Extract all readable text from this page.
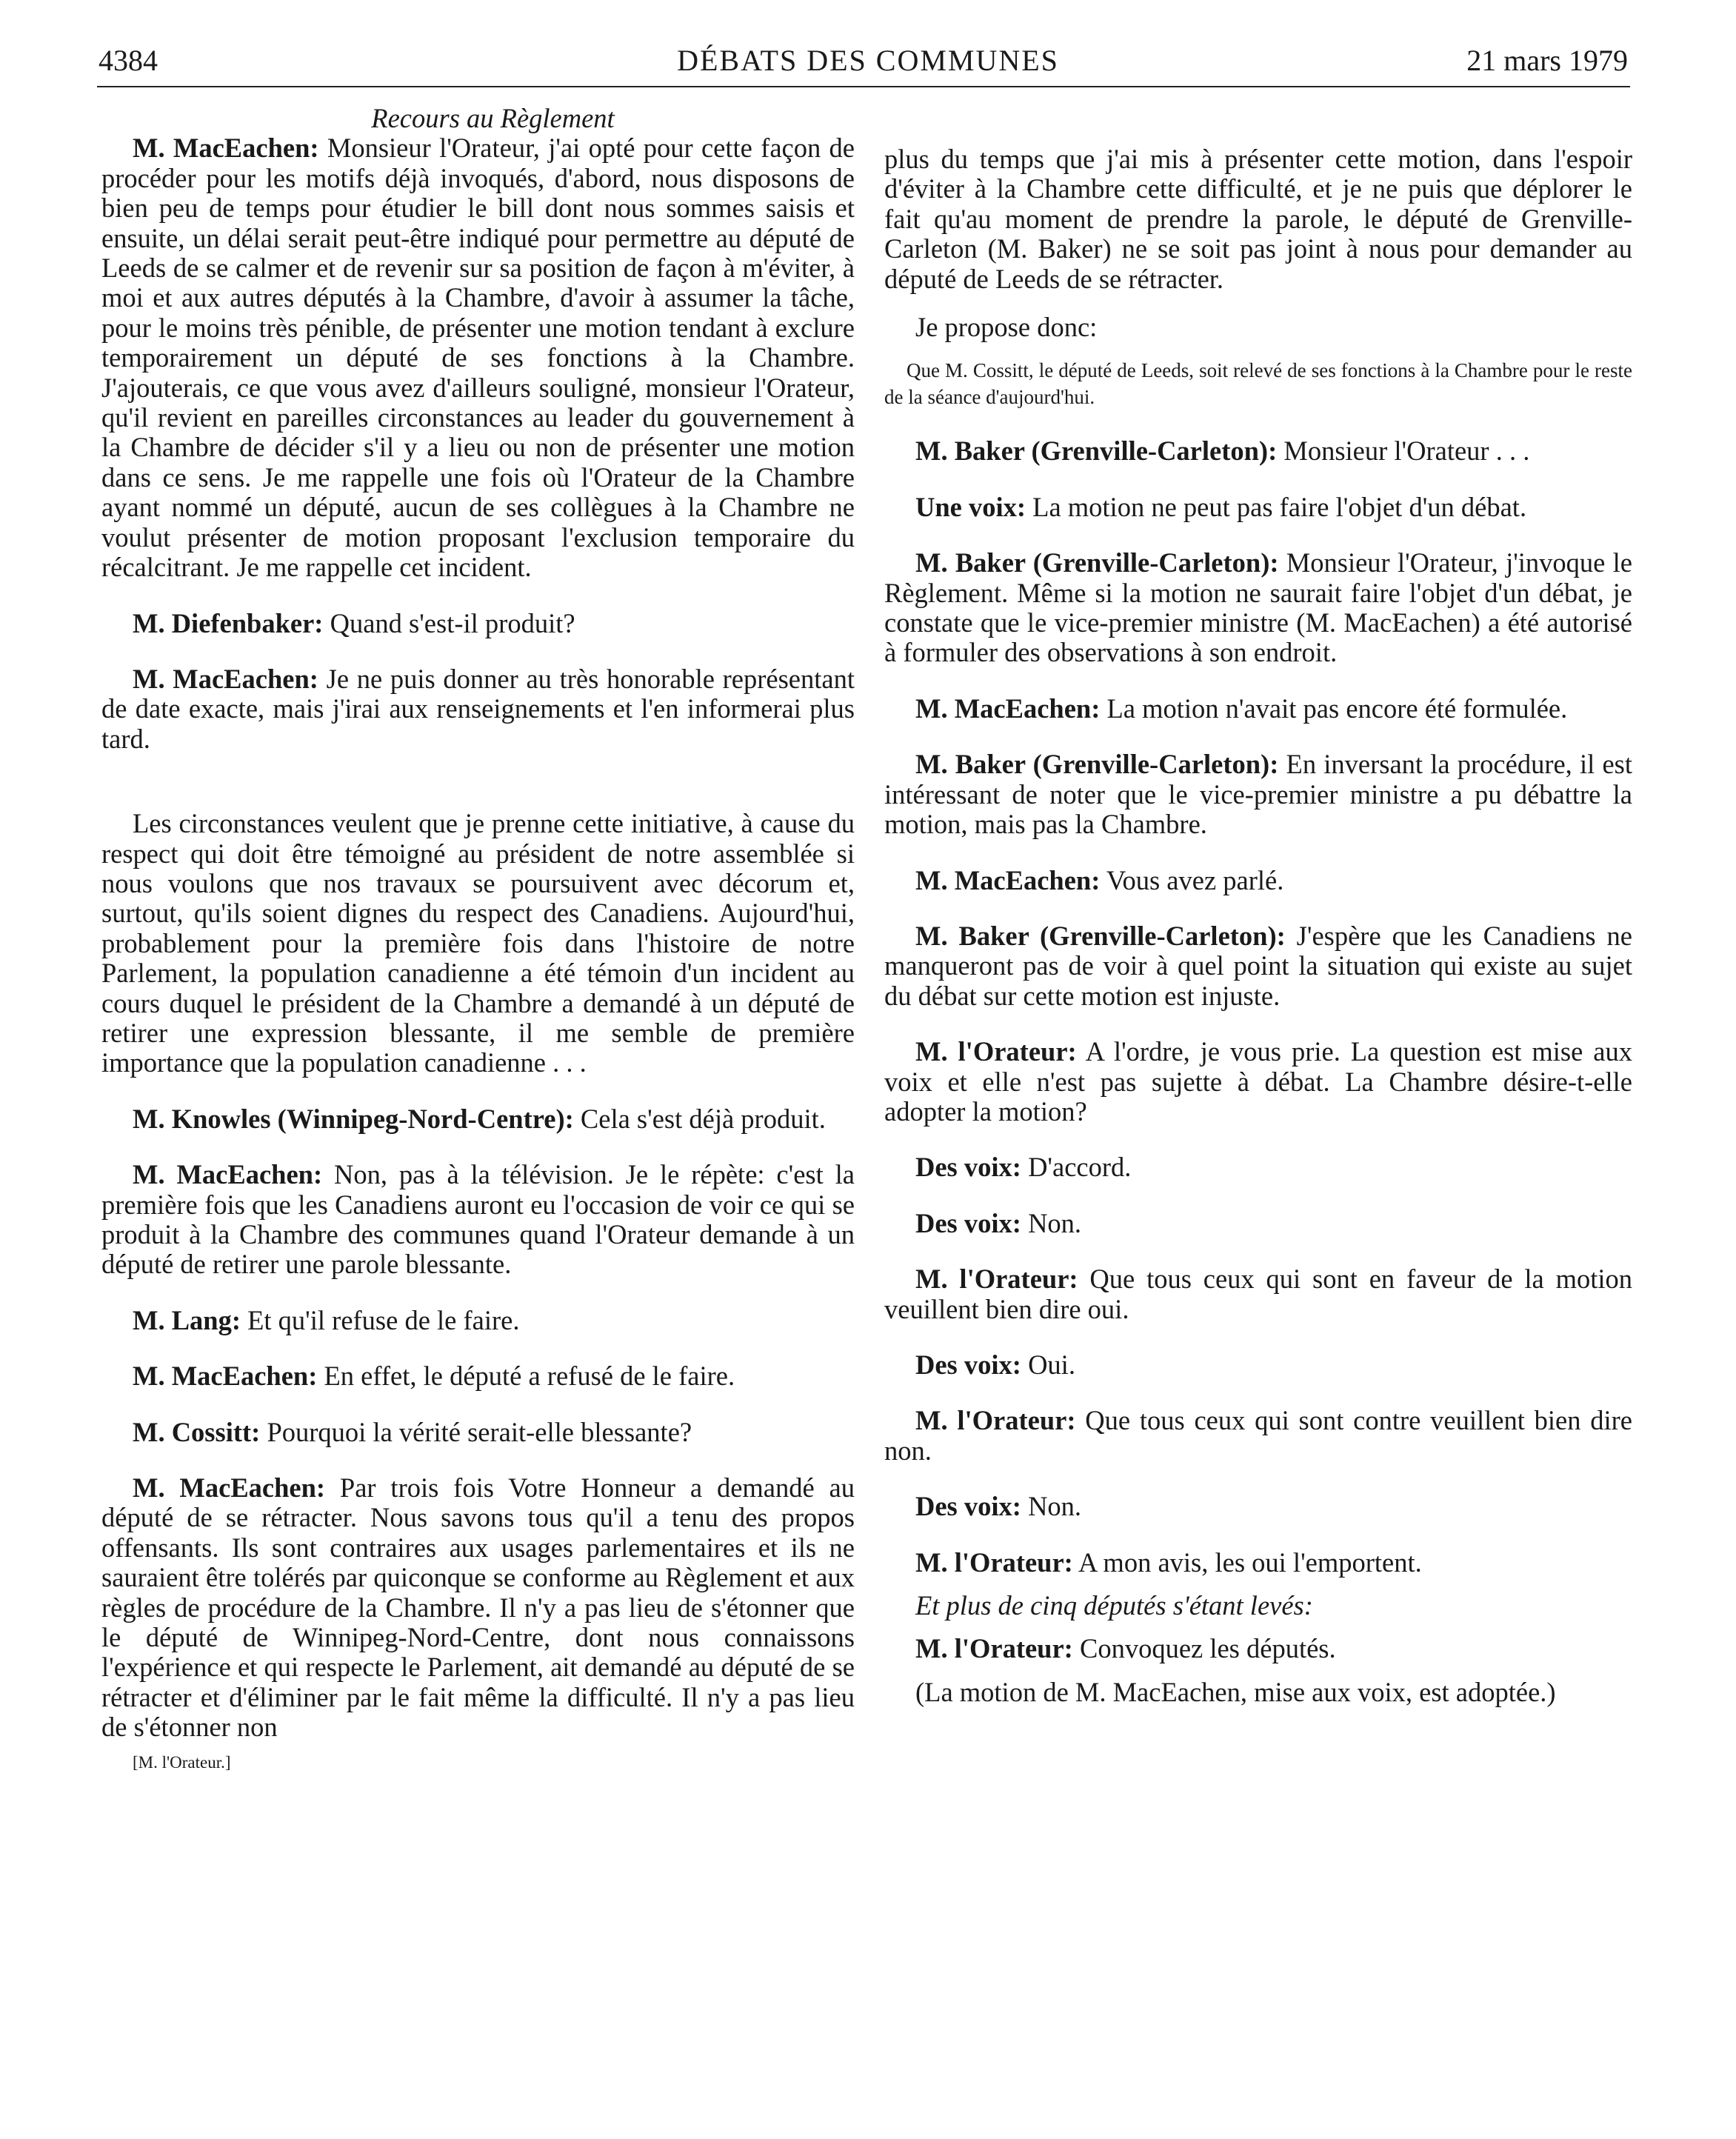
4384	DÉBATS DES COMMUNES	21 mars 1979

Recours au Règlement

M. MacEachen: Monsieur l'Orateur, j'ai opté pour cette façon de procéder pour les motifs déjà invoqués, d'abord, nous disposons de bien peu de temps pour étudier le bill dont nous sommes saisis et ensuite, un délai serait peut-être indiqué pour permettre au député de Leeds de se calmer et de revenir sur sa position de façon à m'éviter, à moi et aux autres députés à la Chambre, d'avoir à assumer la tâche, pour le moins très pénible, de présenter une motion tendant à exclure temporairement un député de ses fonctions à la Chambre. J'ajouterais, ce que vous avez d'ailleurs souligné, monsieur l'Orateur, qu'il revient en pareilles circonstances au leader du gouvernement à la Chambre de décider s'il y a lieu ou non de présenter une motion dans ce sens. Je me rappelle une fois où l'Orateur de la Chambre ayant nommé un député, aucun de ses collègues à la Chambre ne voulut présenter de motion proposant l'exclusion temporaire du récalcitrant. Je me rappelle cet incident.

M. Diefenbaker: Quand s'est-il produit?

M. MacEachen: Je ne puis donner au très honorable représentant de date exacte, mais j'irai aux renseignements et l'en informerai plus tard.

Les circonstances veulent que je prenne cette initiative, à cause du respect qui doit être témoigné au président de notre assemblée si nous voulons que nos travaux se poursuivent avec décorum et, surtout, qu'ils soient dignes du respect des Canadiens. Aujourd'hui, probablement pour la première fois dans l'histoire de notre Parlement, la population canadienne a été témoin d'un incident au cours duquel le président de la Chambre a demandé à un député de retirer une expression blessante, il me semble de première importance que la population canadienne . . .

M. Knowles (Winnipeg-Nord-Centre): Cela s'est déjà produit.

M. MacEachen: Non, pas à la télévision. Je le répète: c'est la première fois que les Canadiens auront eu l'occasion de voir ce qui se produit à la Chambre des communes quand l'Orateur demande à un député de retirer une parole blessante.

M. Lang: Et qu'il refuse de le faire.

M. MacEachen: En effet, le député a refusé de le faire.

M. Cossitt: Pourquoi la vérité serait-elle blessante?

M. MacEachen: Par trois fois Votre Honneur a demandé au député de se rétracter. Nous savons tous qu'il a tenu des propos offensants. Ils sont contraires aux usages parlementaires et ils ne sauraient être tolérés par quiconque se conforme au Règlement et aux règles de procédure de la Chambre. Il n'y a pas lieu de s'étonner que le député de Winnipeg-Nord-Centre, dont nous connaissons l'expérience et qui respecte le Parlement, ait demandé au député de se rétracter et d'éliminer par le fait même la difficulté. Il n'y a pas lieu de s'étonner non

[M. l'Orateur.]

plus du temps que j'ai mis à présenter cette motion, dans l'espoir d'éviter à la Chambre cette difficulté, et je ne puis que déplorer le fait qu'au moment de prendre la parole, le député de Grenville-Carleton (M. Baker) ne se soit pas joint à nous pour demander au député de Leeds de se rétracter.

Je propose donc:

Que M. Cossitt, le député de Leeds, soit relevé de ses fonctions à la Chambre pour le reste de la séance d'aujourd'hui.

M. Baker (Grenville-Carleton): Monsieur l'Orateur . . .

Une voix: La motion ne peut pas faire l'objet d'un débat.

M. Baker (Grenville-Carleton): Monsieur l'Orateur, j'invoque le Règlement. Même si la motion ne saurait faire l'objet d'un débat, je constate que le vice-premier ministre (M. MacEachen) a été autorisé à formuler des observations à son endroit.

M. MacEachen: La motion n'avait pas encore été formulée.

M. Baker (Grenville-Carleton): En inversant la procédure, il est intéressant de noter que le vice-premier ministre a pu débattre la motion, mais pas la Chambre.

M. MacEachen: Vous avez parlé.

M. Baker (Grenville-Carleton): J'espère que les Canadiens ne manqueront pas de voir à quel point la situation qui existe au sujet du débat sur cette motion est injuste.

M. l'Orateur: A l'ordre, je vous prie. La question est mise aux voix et elle n'est pas sujette à débat. La Chambre désire-t-elle adopter la motion?

Des voix: D'accord.

Des voix: Non.

M. l'Orateur: Que tous ceux qui sont en faveur de la motion veuillent bien dire oui.

Des voix: Oui.

M. l'Orateur: Que tous ceux qui sont contre veuillent bien dire non.

Des voix: Non.

M. l'Orateur: A mon avis, les oui l'emportent.

Et plus de cinq députés s'étant levés:

M. l'Orateur: Convoquez les députés.

(La motion de M. MacEachen, mise aux voix, est adoptée.)
